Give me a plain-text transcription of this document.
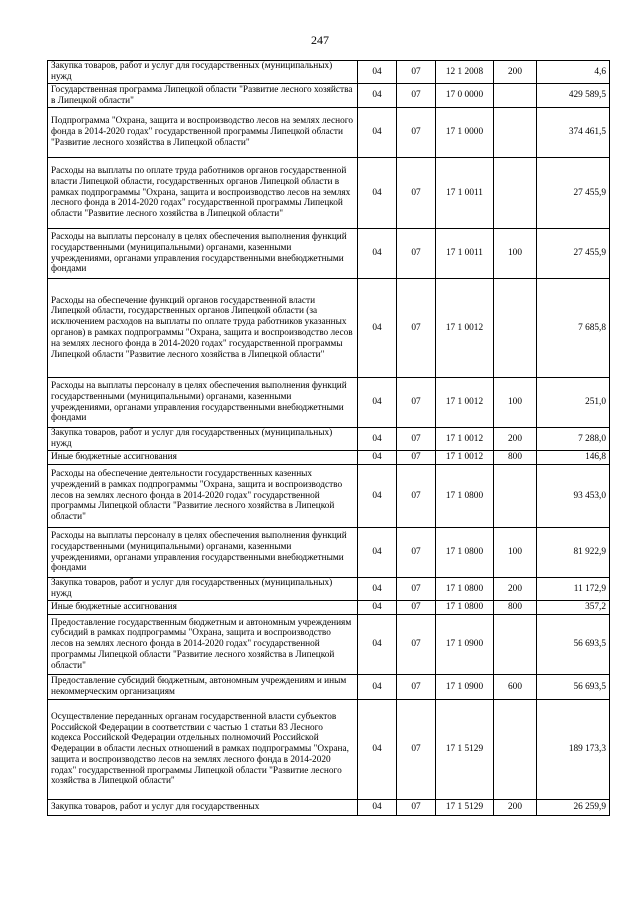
247
Закупка товаров, работ и услуг для государственных (муниципальных) нужд	04	07	12 1 2008	200	4,6
Государственная программа Липецкой области "Развитие лесного хозяйства в Липецкой области"	04	07	17 0 0000		429 589,5
Подпрограмма "Охрана, защита и воспроизводство лесов на землях лесного фонда в 2014-2020 годах" государственной программы Липецкой области "Развитие лесного хозяйства в Липецкой области"	04	07	17 1 0000		374 461,5
Расходы на выплаты по оплате труда работников органов государственной власти Липецкой области, государственных органов Липецкой области в рамках подпрограммы "Охрана, защита и воспроизводство лесов на землях лесного фонда в 2014-2020 годах" государственной программы Липецкой области "Развитие лесного хозяйства в Липецкой области"	04	07	17 1 0011		27 455,9
Расходы на выплаты персоналу в целях обеспечения выполнения функций государственными (муниципальными) органами, казенными учреждениями, органами управления государственными внебюджетными фондами	04	07	17 1 0011	100	27 455,9
Расходы на обеспечение функций органов государственной власти Липецкой области, государственных органов Липецкой области (за исключением расходов на выплаты по оплате труда работников указанных органов) в рамках подпрограммы "Охрана, защита и воспроизводство лесов на землях лесного фонда в 2014-2020 годах" государственной программы Липецкой области "Развитие лесного хозяйства в Липецкой области"	04	07	17 1 0012		7 685,8
Расходы на выплаты персоналу в целях обеспечения выполнения функций государственными (муниципальными) органами, казенными учреждениями, органами управления государственными внебюджетными фондами	04	07	17 1 0012	100	251,0
Закупка товаров, работ и услуг для государственных (муниципальных) нужд	04	07	17 1 0012	200	7 288,0
Иные бюджетные ассигнования	04	07	17 1 0012	800	146,8
Расходы на обеспечение деятельности государственных казенных учреждений в рамках подпрограммы "Охрана, защита и воспроизводство лесов на землях лесного фонда в 2014-2020 годах" государственной программы Липецкой области "Развитие лесного хозяйства в Липецкой области"	04	07	17 1 0800		93 453,0
Расходы на выплаты персоналу в целях обеспечения выполнения функций государственными (муниципальными) органами, казенными учреждениями, органами управления государственными внебюджетными фондами	04	07	17 1 0800	100	81 922,9
Закупка товаров, работ и услуг для государственных (муниципальных) нужд	04	07	17 1 0800	200	11 172,9
Иные бюджетные ассигнования	04	07	17 1 0800	800	357,2
Предоставление государственным бюджетным и автономным учреждениям субсидий в рамках подпрограммы "Охрана, защита и воспроизводство лесов на землях лесного фонда в 2014-2020 годах" государственной программы Липецкой области "Развитие лесного хозяйства в Липецкой области"	04	07	17 1 0900		56 693,5
Предоставление субсидий бюджетным, автономным учреждениям и иным некоммерческим организациям	04	07	17 1 0900	600	56 693,5
Осуществление переданных органам государственной власти субъектов Российской Федерации в соответствии с частью 1 статьи 83 Лесного кодекса Российской Федерации отдельных полномочий Российской Федерации в области лесных отношений в рамках подпрограммы "Охрана, защита и воспроизводство лесов на землях лесного фонда в 2014-2020 годах" государственной программы Липецкой области "Развитие лесного хозяйства в Липецкой области"	04	07	17 1 5129		189 173,3
Закупка товаров, работ и услуг для государственных	04	07	17 1 5129	200	26 259,9
